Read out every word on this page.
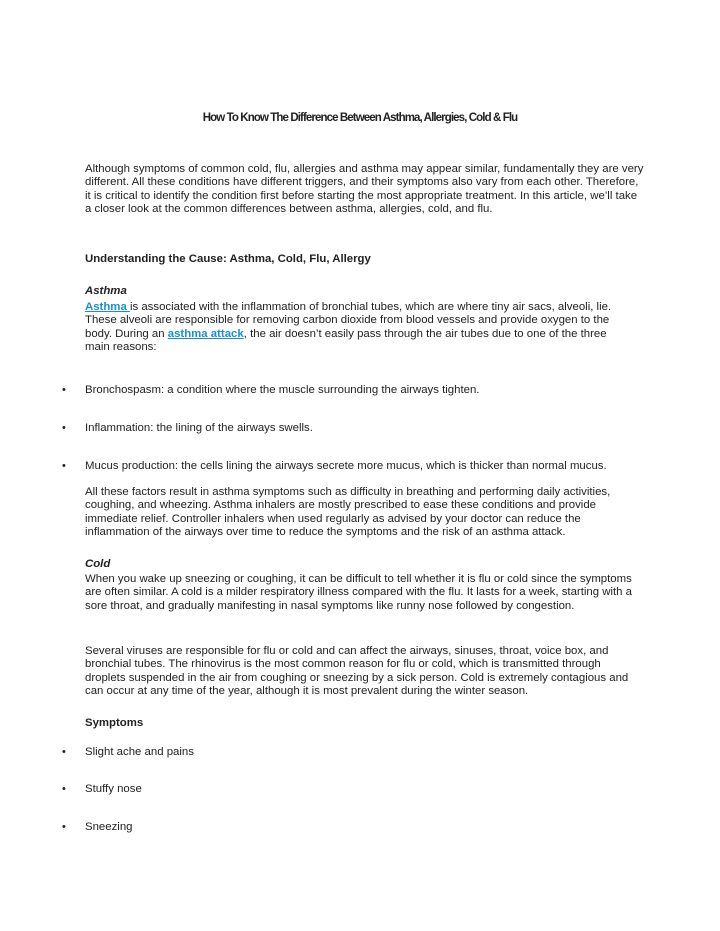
How To Know The Difference Between Asthma, Allergies, Cold & Flu
Although symptoms of common cold, flu, allergies and asthma may appear similar, fundamentally they are very different. All these conditions have different triggers, and their symptoms also vary from each other. Therefore, it is critical to identify the condition first before starting the most appropriate treatment. In this article, we’ll take a closer look at the common differences between asthma, allergies, cold, and flu.
Understanding the Cause: Asthma, Cold, Flu, Allergy
Asthma
Asthma is associated with the inflammation of bronchial tubes, which are where tiny air sacs, alveoli, lie. These alveoli are responsible for removing carbon dioxide from blood vessels and provide oxygen to the body. During an asthma attack, the air doesn’t easily pass through the air tubes due to one of the three main reasons:
• Bronchospasm: a condition where the muscle surrounding the airways tighten.
• Inflammation: the lining of the airways swells.
• Mucus production: the cells lining the airways secrete more mucus, which is thicker than normal mucus.
All these factors result in asthma symptoms such as difficulty in breathing and performing daily activities, coughing, and wheezing. Asthma inhalers are mostly prescribed to ease these conditions and provide immediate relief. Controller inhalers when used regularly as advised by your doctor can reduce the inflammation of the airways over time to reduce the symptoms and the risk of an asthma attack.
Cold
When you wake up sneezing or coughing, it can be difficult to tell whether it is flu or cold since the symptoms are often similar. A cold is a milder respiratory illness compared with the flu. It lasts for a week, starting with a sore throat, and gradually manifesting in nasal symptoms like runny nose followed by congestion.
Several viruses are responsible for flu or cold and can affect the airways, sinuses, throat, voice box, and bronchial tubes. The rhinovirus is the most common reason for flu or cold, which is transmitted through droplets suspended in the air from coughing or sneezing by a sick person. Cold is extremely contagious and can occur at any time of the year, although it is most prevalent during the winter season.
Symptoms
• Slight ache and pains
• Stuffy nose
• Sneezing
